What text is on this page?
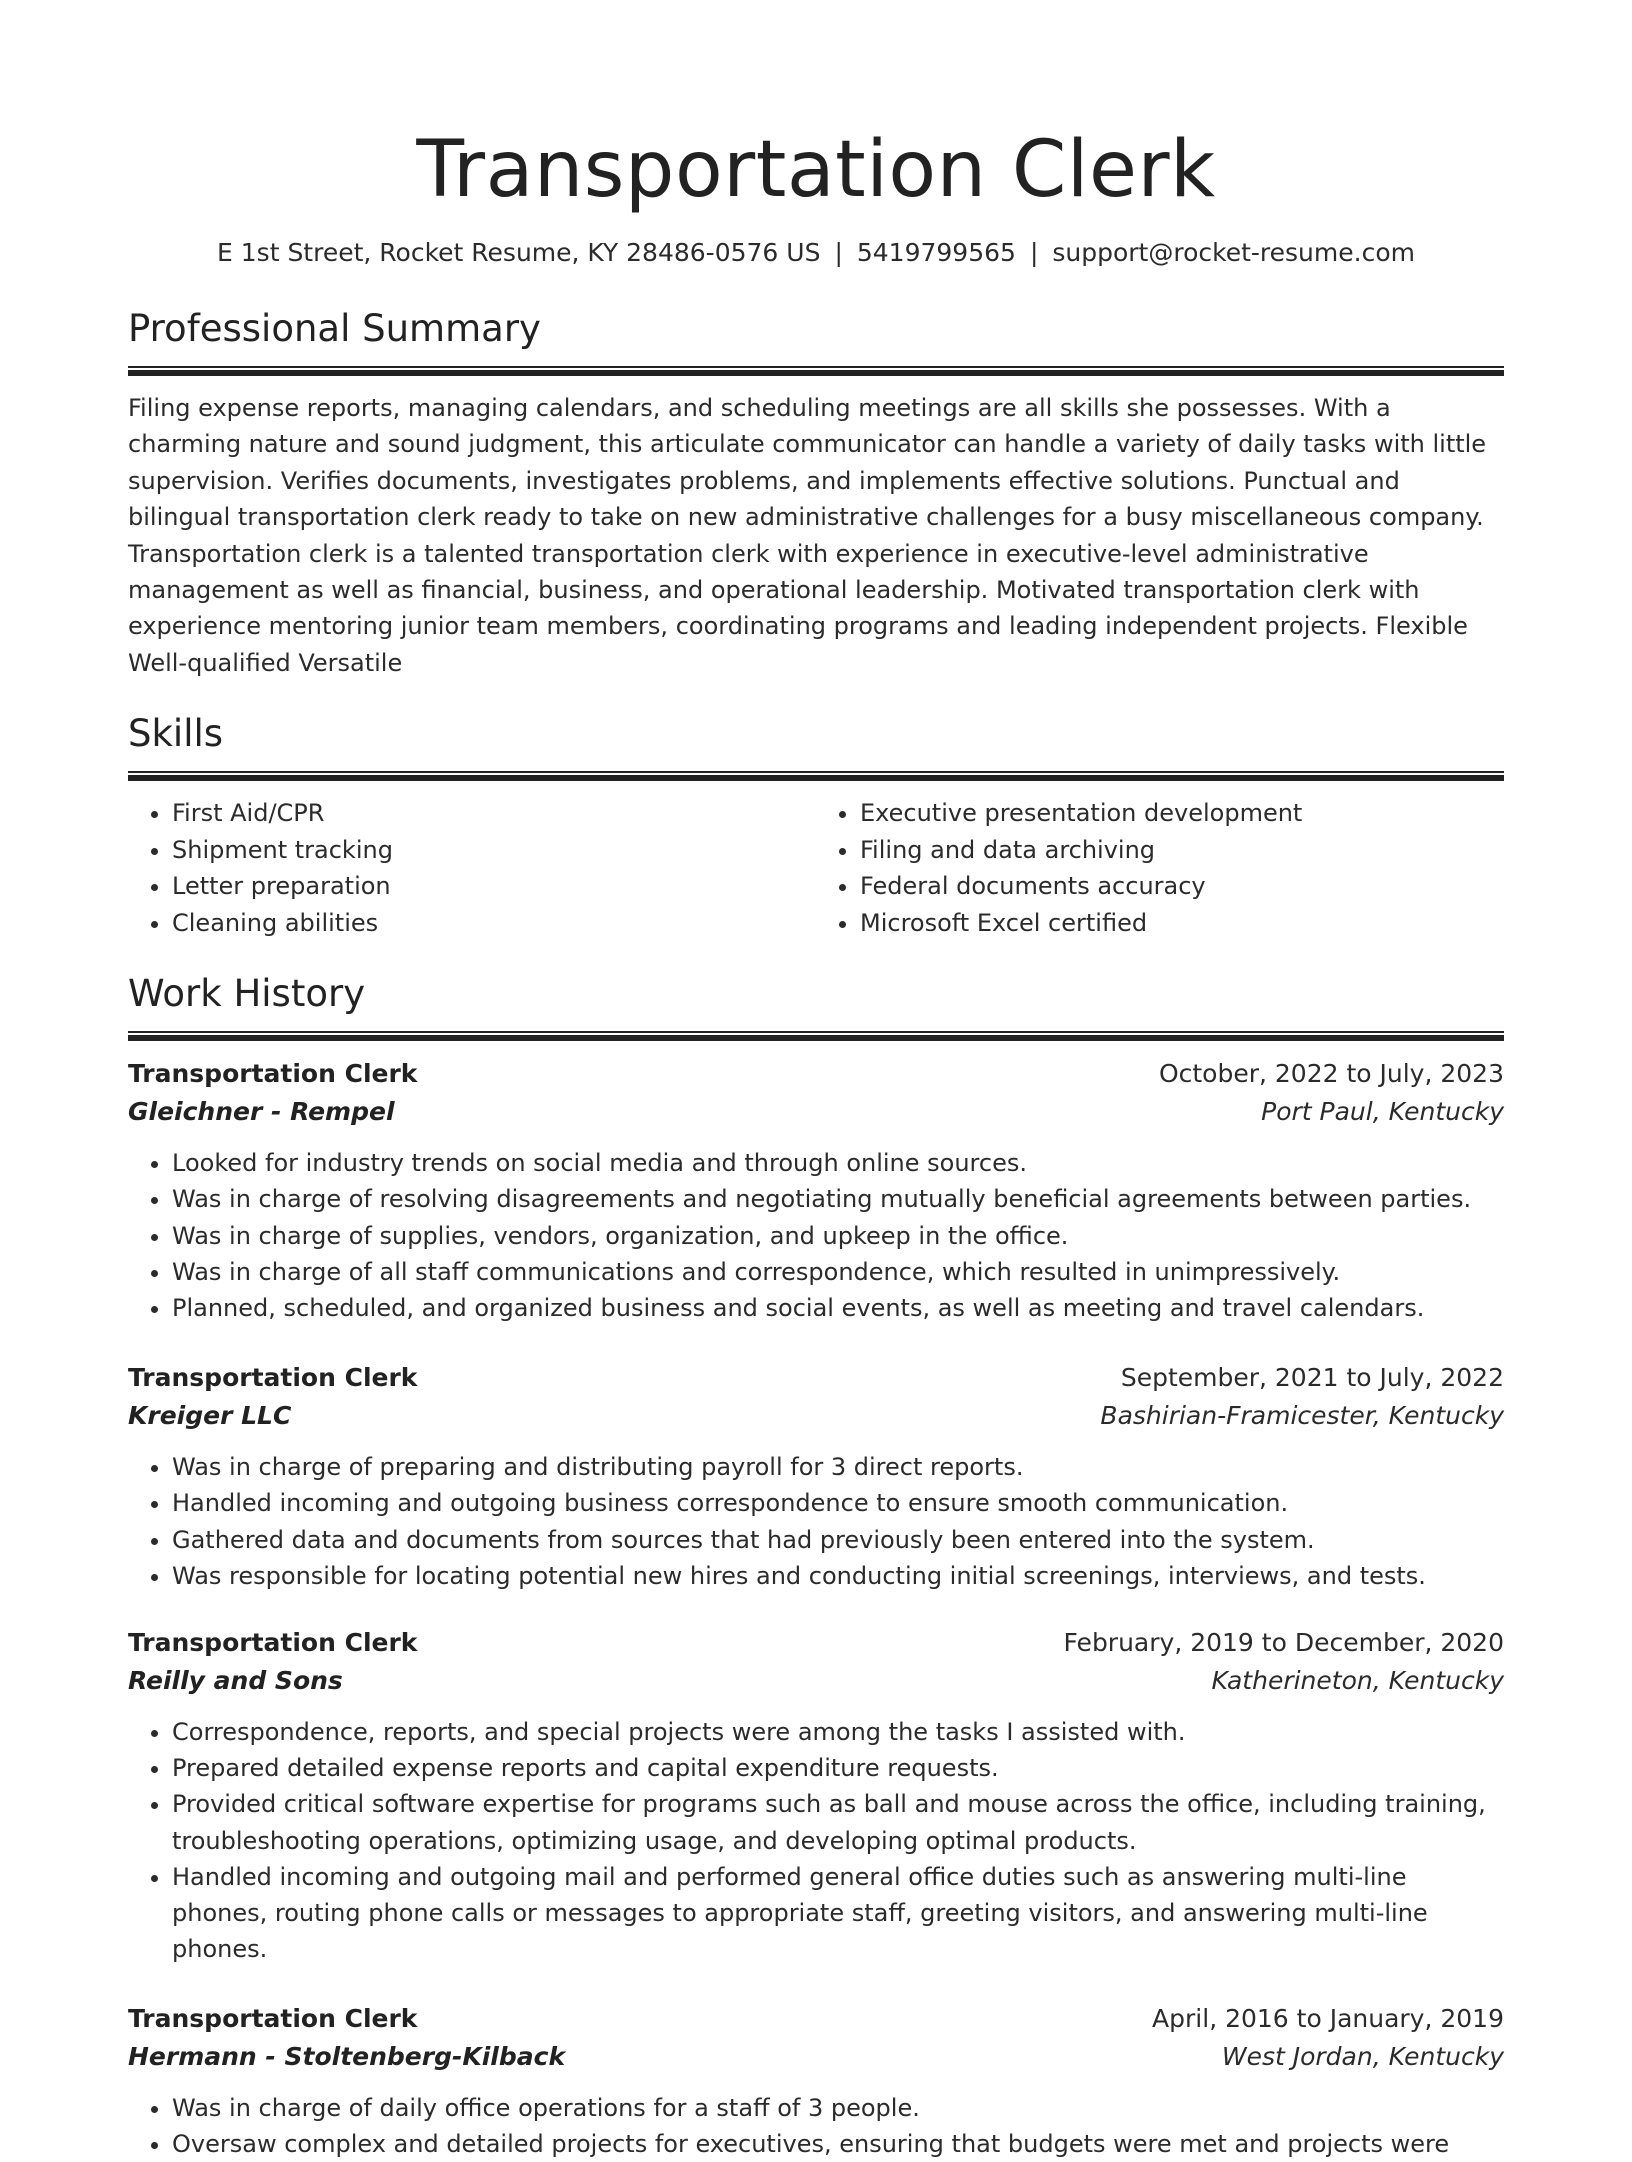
Transportation Clerk
E 1st Street, Rocket Resume, KY 28486-0576 US | 5419799565 | support@rocket-resume.com
Professional Summary

Filing expense reports, managing calendars, and scheduling meetings are all skills she possesses. With a charming nature and sound judgment, this articulate communicator can handle a variety of daily tasks with little supervision. Verifies documents, investigates problems, and implements effective solutions. Punctual and bilingual transportation clerk ready to take on new administrative challenges for a busy miscellaneous company. Transportation clerk is a talented transportation clerk with experience in executive-level administrative management as well as financial, business, and operational leadership. Motivated transportation clerk with experience mentoring junior team members, coordinating programs and leading independent projects. Flexible Well-qualified Versatile

Skills
• First Aid/CPR
• Shipment tracking
• Letter preparation
• Cleaning abilities
• Executive presentation development
• Filing and data archiving
• Federal documents accuracy
• Microsoft Excel certified
Work History
Transportation Clerk	October, 2022 to July, 2023
Gleichner - Rempel	Port Paul, Kentucky
• Looked for industry trends on social media and through online sources.
• Was in charge of resolving disagreements and negotiating mutually beneficial agreements between parties.
• Was in charge of supplies, vendors, organization, and upkeep in the office.
• Was in charge of all staff communications and correspondence, which resulted in unimpressively.
• Planned, scheduled, and organized business and social events, as well as meeting and travel calendars.
Transportation Clerk	September, 2021 to July, 2022
Kreiger LLC	Bashirian-Framicester, Kentucky
• Was in charge of preparing and distributing payroll for 3 direct reports.
• Handled incoming and outgoing business correspondence to ensure smooth communication.
• Gathered data and documents from sources that had previously been entered into the system.
• Was responsible for locating potential new hires and conducting initial screenings, interviews, and tests.
Transportation Clerk	February, 2019 to December, 2020
Reilly and Sons	Katherineton, Kentucky
• Correspondence, reports, and special projects were among the tasks I assisted with.
• Prepared detailed expense reports and capital expenditure requests.
• Provided critical software expertise for programs such as ball and mouse across the office, including training, troubleshooting operations, optimizing usage, and developing optimal products.
• Handled incoming and outgoing mail and performed general office duties such as answering multi-line phones, routing phone calls or messages to appropriate staff, greeting visitors, and answering multi-line phones.
Transportation Clerk	April, 2016 to January, 2019
Hermann - Stoltenberg-Kilback	West Jordan, Kentucky
• Was in charge of daily office operations for a staff of 3 people.
• Oversaw complex and detailed projects for executives, ensuring that budgets were met and projects were
